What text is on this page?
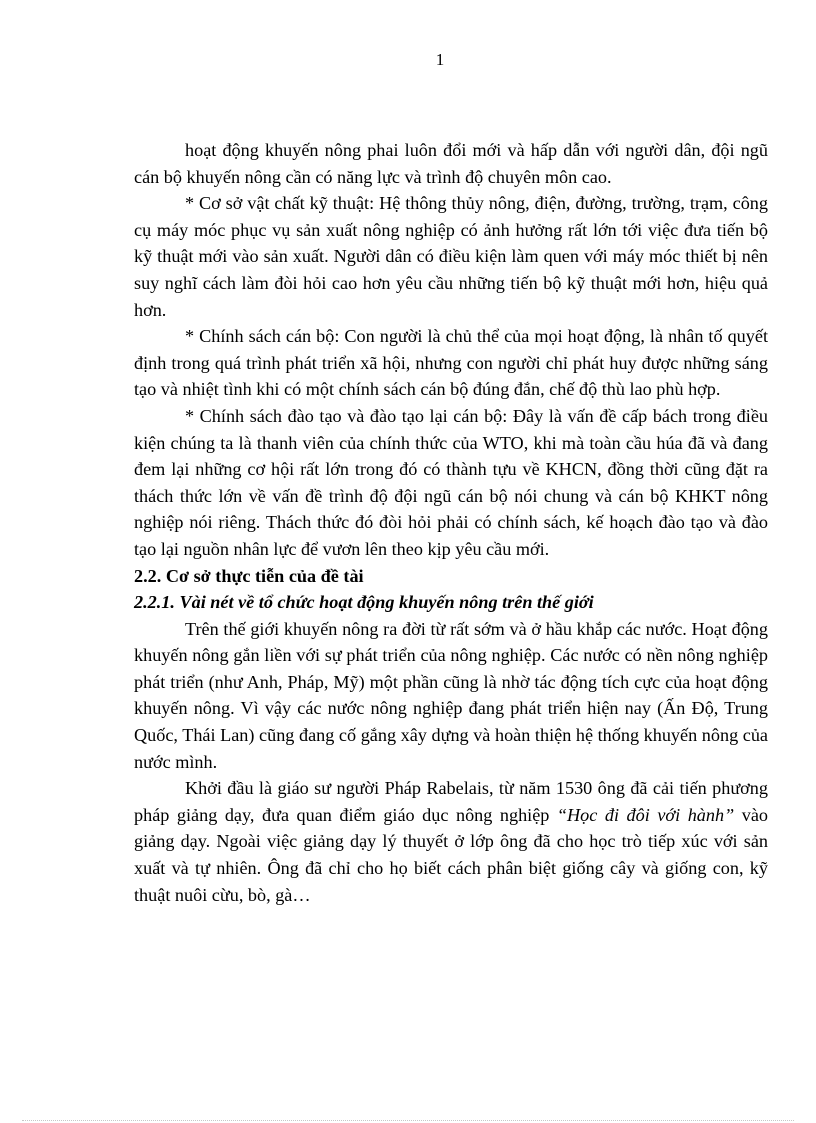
1

hoạt động khuyến nông phai luôn đổi mới và hấp dẫn với người dân, đội ngũ cán bộ khuyến nông cần có năng lực và trình độ chuyên môn cao.

* Cơ sở vật chất kỹ thuật: Hệ thông thủy nông, điện, đường, trường, trạm, công cụ máy móc phục vụ sản xuất nông nghiệp có ảnh hưởng rất lớn tới việc đưa tiến bộ kỹ thuật mới vào sản xuất. Người dân có điều kiện làm quen với máy móc thiết bị nên suy nghĩ cách làm đòi hỏi cao hơn yêu cầu những tiến bộ kỹ thuật mới hơn, hiệu quả hơn.

* Chính sách cán bộ: Con người là chủ thể của mọi hoạt động, là nhân tố quyết định trong quá trình phát triển xã hội, nhưng con người chỉ phát huy được những sáng tạo và nhiệt tình khi có một chính sách cán bộ đúng đắn, chế độ thù lao phù hợp.

* Chính sách đào tạo và đào tạo lại cán bộ: Đây là vấn đề cấp bách trong điều kiện chúng ta là thanh viên của chính thức của WTO, khi mà toàn cầu húa đã và đang đem lại những cơ hội rất lớn trong đó có thành tựu về KHCN, đồng thời cũng đặt ra thách thức lớn về vấn đề trình độ đội ngũ cán bộ nói chung và cán bộ KHKT nông nghiệp nói riêng. Thách thức đó đòi hỏi phải có chính sách, kế hoạch đào tạo và đào tạo lại nguồn nhân lực để vươn lên theo kịp yêu cầu mới.

2.2. Cơ sở thực tiễn của đề tài

2.2.1. Vài nét về tổ chức hoạt động khuyến nông trên thế giới

Trên thế giới khuyến nông ra đời từ rất sớm và ở hầu khắp các nước. Hoạt động khuyến nông gắn liền với sự phát triển của nông nghiệp. Các nước có nền nông nghiệp phát triển (như Anh, Pháp, Mỹ) một phần cũng là nhờ tác động tích cực của hoạt động khuyến nông. Vì vậy các nước nông nghiệp đang phát triển hiện nay (Ấn Độ, Trung Quốc, Thái Lan) cũng đang cố gắng xây dựng và hoàn thiện hệ thống khuyến nông của nước mình.

Khởi đầu là giáo sư người Pháp Rabelais, từ năm 1530 ông đã cải tiến phương pháp giảng dạy, đưa quan điểm giáo dục nông nghiệp “Học đi đôi với hành” vào giảng dạy. Ngoài việc giảng dạy lý thuyết ở lớp ông đã cho học trò tiếp xúc với sản xuất và tự nhiên. Ông đã chỉ cho họ biết cách phân biệt giống cây và giống con, kỹ thuật nuôi cừu, bò, gà…
